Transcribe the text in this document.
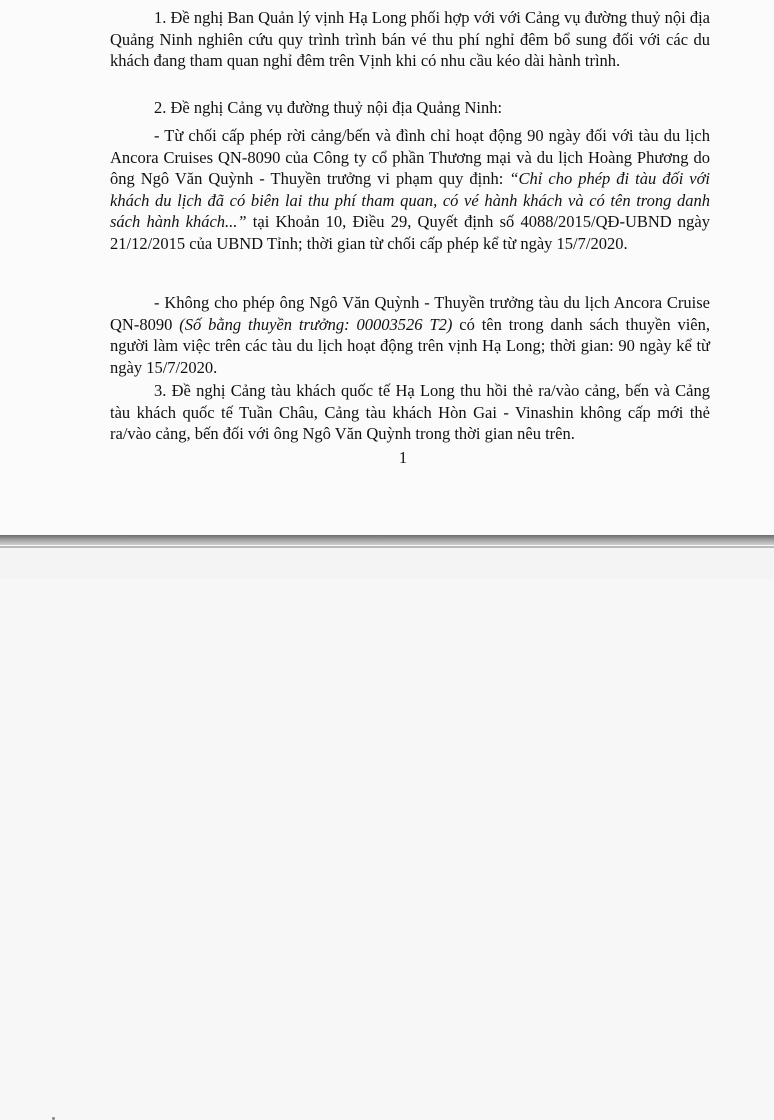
1. Đề nghị Ban Quản lý vịnh Hạ Long phối hợp với với Cảng vụ đường thuỷ nội địa Quảng Ninh nghiên cứu quy trình trình bán vé thu phí nghỉ đêm bổ sung đối với các du khách đang tham quan nghỉ đêm trên Vịnh khi có nhu cầu kéo dài hành trình.

2. Đề nghị Cảng vụ đường thuỷ nội địa Quảng Ninh:

- Từ chối cấp phép rời cảng/bến và đình chỉ hoạt động 90 ngày đối với tàu du lịch Ancora Cruises QN-8090 của Công ty cổ phần Thương mại và du lịch Hoàng Phương do ông Ngô Văn Quỳnh - Thuyền trưởng vi phạm quy định: “Chỉ cho phép đi tàu đối với khách du lịch đã có biên lai thu phí tham quan, có vé hành khách và có tên trong danh sách hành khách...” tại Khoản 10, Điều 29, Quyết định số 4088/2015/QĐ-UBND ngày 21/12/2015 của UBND Tỉnh; thời gian từ chối cấp phép kể từ ngày 15/7/2020.

- Không cho phép ông Ngô Văn Quỳnh - Thuyền trưởng tàu du lịch Ancora Cruise QN-8090 (Số bằng thuyền trưởng: 00003526 T2) có tên trong danh sách thuyền viên, người làm việc trên các tàu du lịch hoạt động trên vịnh Hạ Long; thời gian: 90 ngày kể từ ngày 15/7/2020.

3. Đề nghị Cảng tàu khách quốc tế Hạ Long thu hồi thẻ ra/vào cảng, bến và Cảng tàu khách quốc tế Tuần Châu, Cảng tàu khách Hòn Gai - Vinashin không cấp mới thẻ ra/vào cảng, bến đối với ông Ngô Văn Quỳnh trong thời gian nêu trên.

1
